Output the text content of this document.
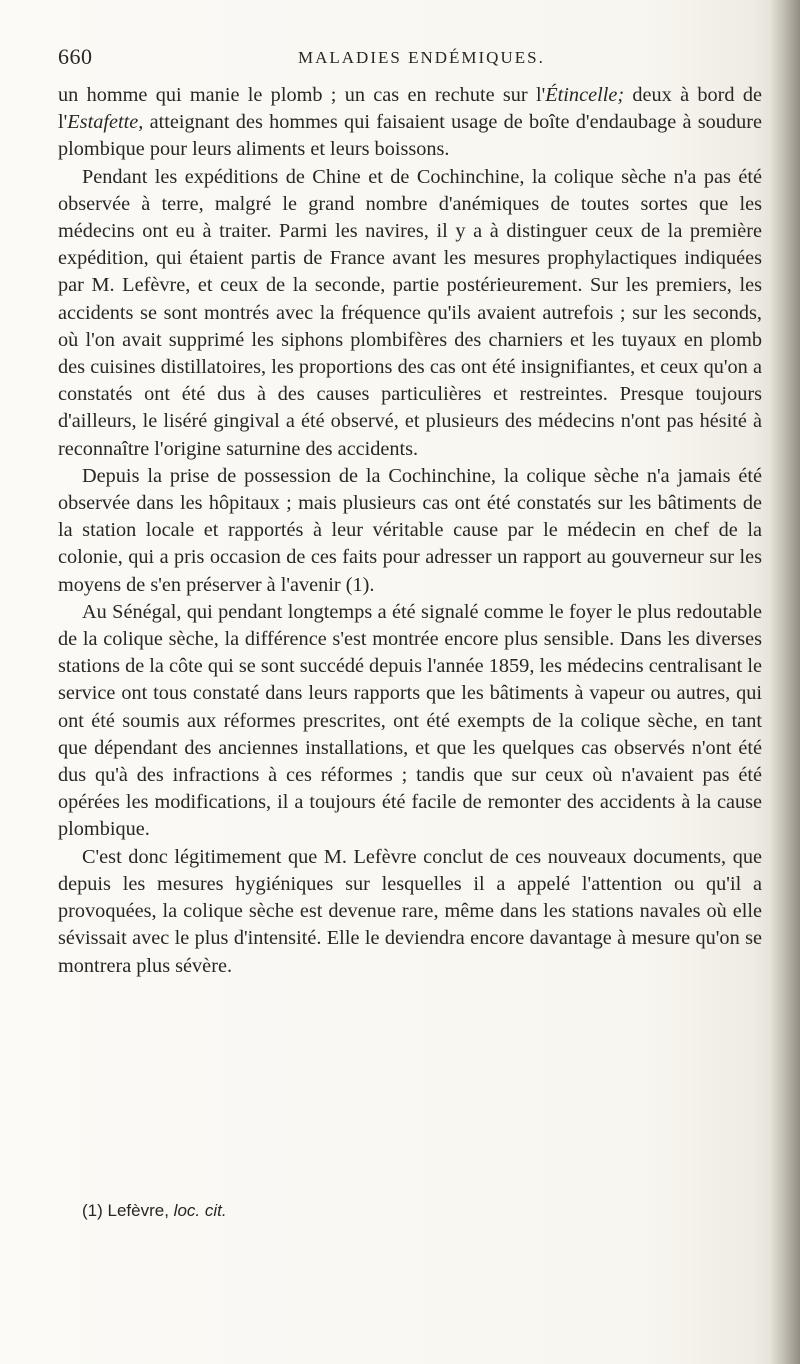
660	MALADIES ENDÉMIQUES.

un homme qui manie le plomb ; un cas en rechute sur l'Étincelle; deux à bord de l'Estafette, atteignant des hommes qui faisaient usage de boîte d'endaubage à soudure plombique pour leurs aliments et leurs boissons.

Pendant les expéditions de Chine et de Cochinchine, la colique sèche n'a pas été observée à terre, malgré le grand nombre d'anémiques de toutes sortes que les médecins ont eu à traiter. Parmi les navires, il y a à distinguer ceux de la première expédition, qui étaient partis de France avant les mesures prophylactiques indiquées par M. Lefèvre, et ceux de la seconde, partie postérieurement. Sur les premiers, les accidents se sont montrés avec la fréquence qu'ils avaient autrefois ; sur les seconds, où l'on avait supprimé les siphons plombifères des charniers et les tuyaux en plomb des cuisines distillatoires, les proportions des cas ont été insignifiantes, et ceux qu'on a constatés ont été dus à des causes particulières et restreintes. Presque toujours d'ailleurs, le liséré gingival a été observé, et plusieurs des médecins n'ont pas hésité à reconnaître l'origine saturnine des accidents.

Depuis la prise de possession de la Cochinchine, la colique sèche n'a jamais été observée dans les hôpitaux ; mais plusieurs cas ont été constatés sur les bâtiments de la station locale et rapportés à leur véritable cause par le médecin en chef de la colonie, qui a pris occasion de ces faits pour adresser un rapport au gouverneur sur les moyens de s'en préserver à l'avenir (1).

Au Sénégal, qui pendant longtemps a été signalé comme le foyer le plus redoutable de la colique sèche, la différence s'est montrée encore plus sensible. Dans les diverses stations de la côte qui se sont succédé depuis l'année 1859, les médecins centralisant le service ont tous constaté dans leurs rapports que les bâtiments à vapeur ou autres, qui ont été soumis aux réformes prescrites, ont été exempts de la colique sèche, en tant que dépendant des anciennes installations, et que les quelques cas observés n'ont été dus qu'à des infractions à ces réformes ; tandis que sur ceux où n'avaient pas été opérées les modifications, il a toujours été facile de remonter des accidents à la cause plombique.

C'est donc légitimement que M. Lefèvre conclut de ces nouveaux documents, que depuis les mesures hygiéniques sur lesquelles il a appelé l'attention ou qu'il a provoquées, la colique sèche est devenue rare, même dans les stations navales où elle sévissait avec le plus d'intensité. Elle le deviendra encore davantage à mesure qu'on se montrera plus sévère.

(1) Lefèvre, loc. cit.
